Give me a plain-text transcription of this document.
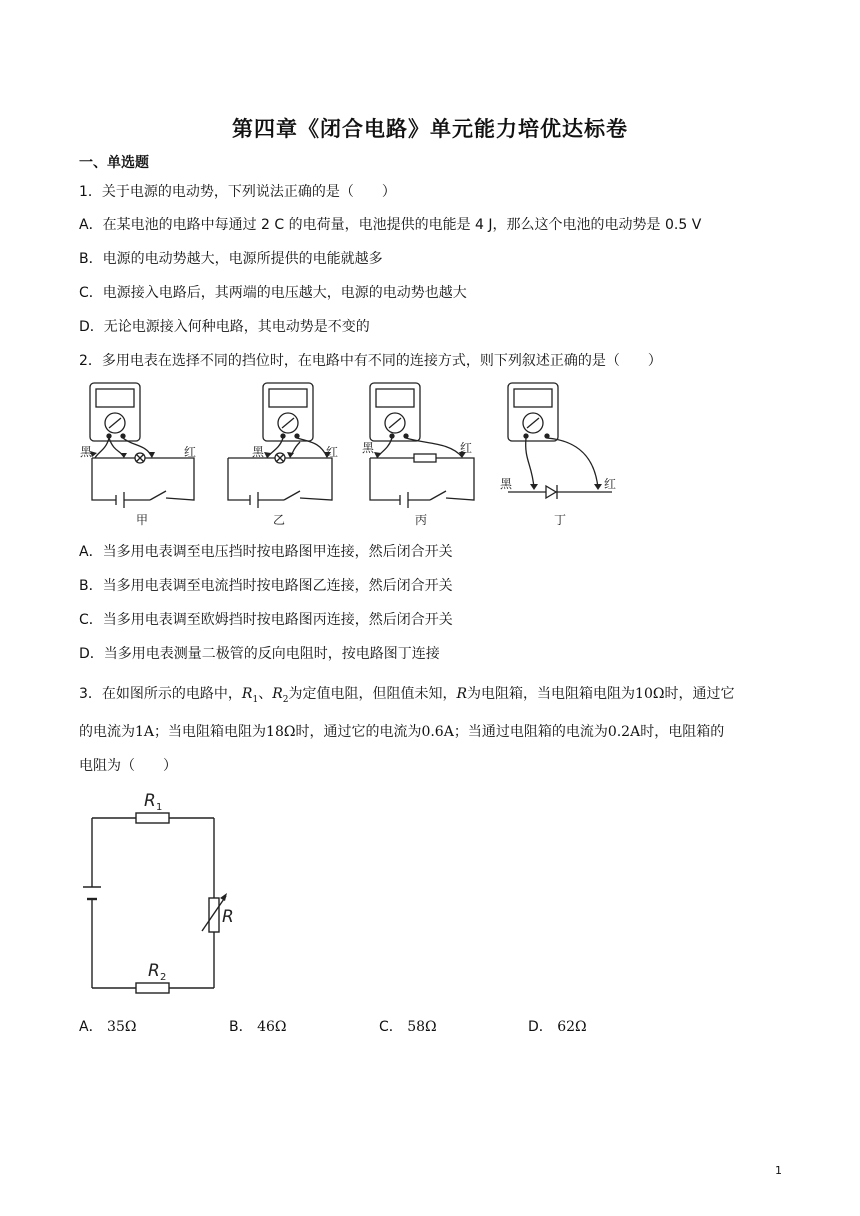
第四章《闭合电路》单元能力培优达标卷
一、单选题
1．关于电源的电动势，下列说法正确的是（　　）
A．在某电池的电路中每通过 2 C 的电荷量，电池提供的电能是 4 J，那么这个电池的电动势是 0.5 V
B．电源的电动势越大，电源所提供的电能就越多
C．电源接入电路后，其两端的电压越大，电源的电动势也越大
D．无论电源接入何种电路，其电动势是不变的
2．多用电表在选择不同的挡位时，在电路中有不同的连接方式，则下列叙述正确的是（　　）
黑	红	黑	红 黑	红
黑	红
甲	乙	丙	丁
A．当多用电表调至电压挡时按电路图甲连接，然后闭合开关
B．当多用电表调至电流挡时按电路图乙连接，然后闭合开关
C．当多用电表调至欧姆挡时按电路图丙连接，然后闭合开关
D．当多用电表测量二极管的反向电阻时，按电路图丁连接
3．在如图所示的电路中，$R_1$、$R_2$为定值电阻，但阻值未知，R为电阻箱，当电阻箱电阻为10Ω时，通过它
的电流为1A；当电阻箱电阻为18Ω时，通过它的电流为0.6A；当通过电阻箱的电流为0.2A时，电阻箱的
电阻为（　　）
R 1
R
R 2
A． 35Ω	B． 46Ω	C． 58Ω	D． 62Ω
1
